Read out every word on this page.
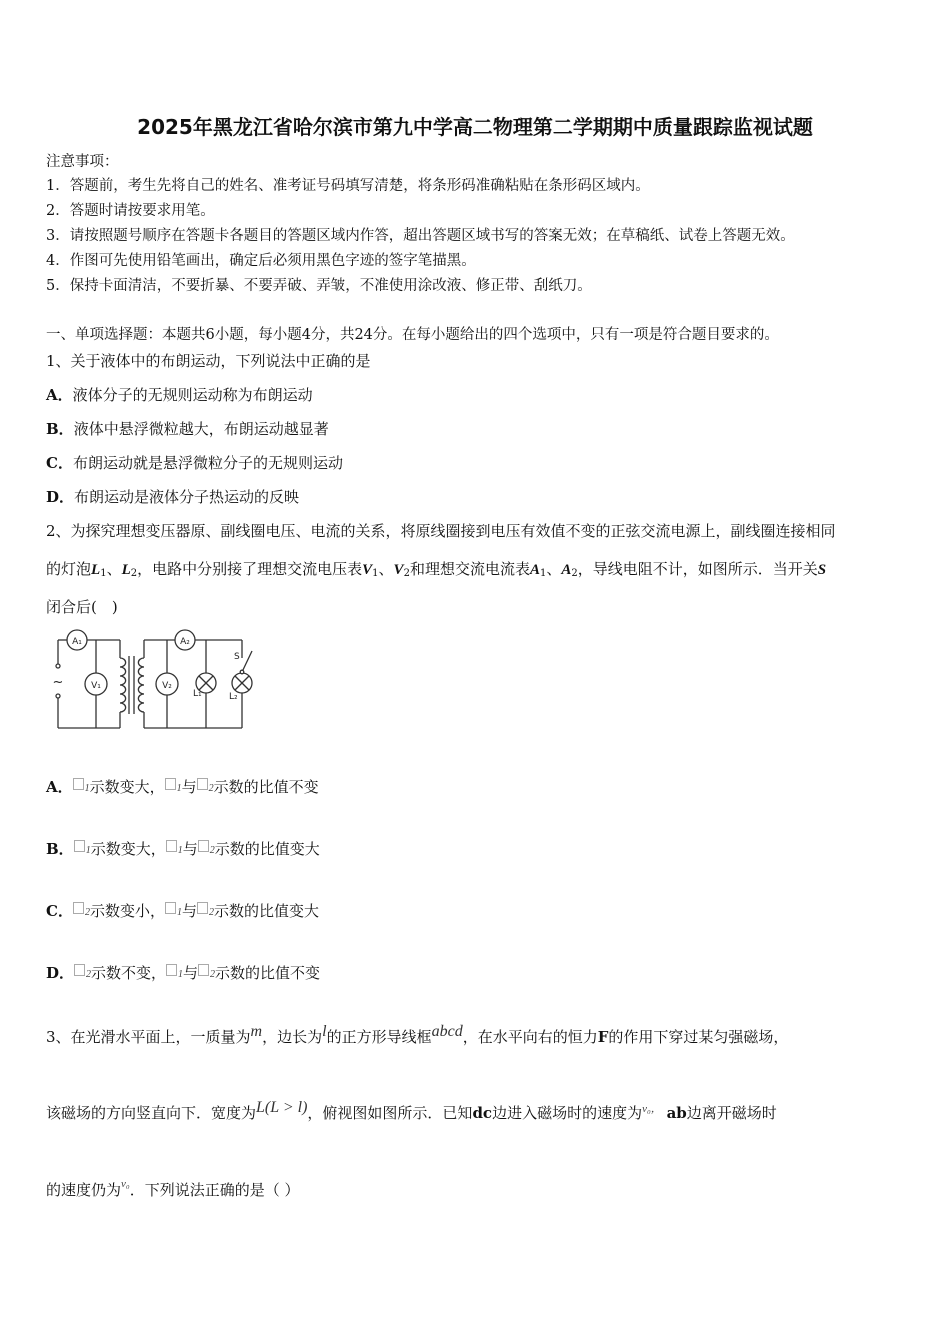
2025年黑龙江省哈尔滨市第九中学高二物理第二学期期中质量跟踪监视试题
注意事项：
1．答题前，考生先将自己的姓名、准考证号码填写清楚，将条形码准确粘贴在条形码区域内。
2．答题时请按要求用笔。
3．请按照题号顺序在答题卡各题目的答题区域内作答，超出答题区域书写的答案无效；在草稿纸、试卷上答题无效。
4．作图可先使用铅笔画出，确定后必须用黑色字迹的签字笔描黑。
5．保持卡面清洁，不要折暴、不要弄破、弄皱，不准使用涂改液、修正带、刮纸刀。
一、单项选择题：本题共6小题，每小题4分，共24分。在每小题给出的四个选项中，只有一项是符合题目要求的。
1、关于液体中的布朗运动，下列说法中正确的是
A．液体分子的无规则运动称为布朗运动
B．液体中悬浮微粒越大，布朗运动越显著
C．布朗运动就是悬浮微粒分子的无规则运动
D．布朗运动是液体分子热运动的反映
2、为探究理想变压器原、副线圈电压、电流的关系，将原线圈接到电压有效值不变的正弦交流电源上，副线圈连接相同
的灯泡$L_1$、$L_2$，电路中分别接了理想交流电压表$V_1$、$V_2$和理想交流电流表$A_1$、$A_2$，导线电阻不计，如图所示．当开关S
闭合后(　)
A₁
V₁
A₂
V₂
L₁	L₂
S
~
A． 1示数变大， 1与 2示数的比值不变
B． 1示数变大， 1与 2示数的比值变大
C． 2示数变小， 1与 2示数的比值变大
D． 2示数不变， 1与 2示数的比值不变
3、在光滑水平面上，一质量为m，边长为l的正方形导线框abcd，在水平向右的恒力F的作用下穿过某匀强磁场，
该磁场的方向竖直向下．宽度为L(L > l)，俯视图如图所示．已知dc边进入磁场时的速度为$^{v_0,}$ ab边离开磁场时
的速度仍为$^{v_0}$．下列说法正确的是（ ）
